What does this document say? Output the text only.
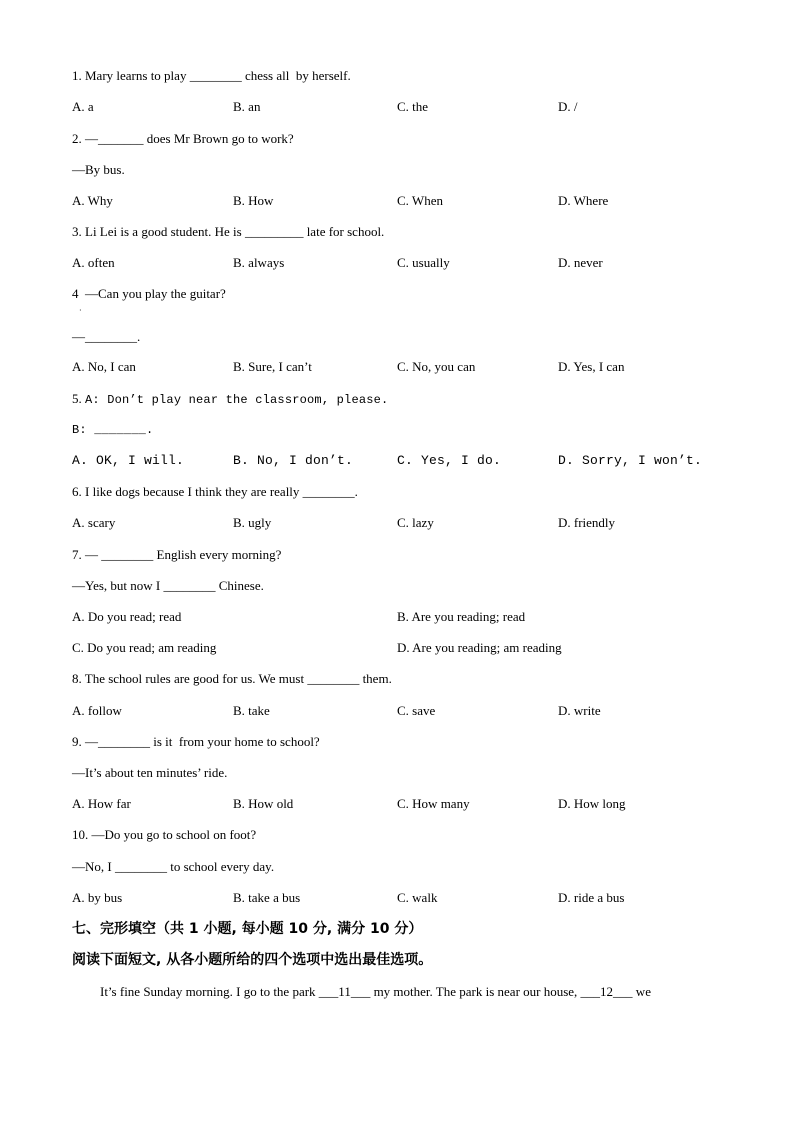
1. Mary learns to play ________ chess all  by herself.
A. a	B. an	C. the	D. /
2. —_______ does Mr Brown go to work?
—By bus.
A. Why	B. How	C. When	D. Where
3. Li Lei is a good student. He is _________ late for school.
A. often	B. always	C. usually	D. never
4 —Can you play the guitar?
·
—________.
A. No, I can	B. Sure, I can’t	C. No, you can	D. Yes, I can
5. A: Don’t play near the classroom, please.
B: _______.
A. OK, I will.	B. No, I don’t.	C. Yes, I do.	D. Sorry, I won’t.
6. I like dogs because I think they are really ________.
A. scary	B. ugly	C. lazy	D. friendly
7. — ________ English every morning?
—Yes, but now I ________ Chinese.
A. Do you read; read	B. Are you reading; read
C. Do you read; am reading	D. Are you reading; am reading
8. The school rules are good for us. We must ________ them.
A. follow	B. take	C. save	D. write
9. —________ is it  from your home to school?
—It’s about ten minutes’ ride.
A. How far	B. How old	C. How many	D. How long
10. —Do you go to school on foot?
—No, I ________ to school every day.
A. by bus	B. take a bus	C. walk	D. ride a bus
七、完形填空（共 1 小题, 每小题 10 分, 满分 10 分）
阅读下面短文, 从各小题所给的四个选项中选出最佳选项。
It’s fine Sunday morning. I go to the park ___11___ my mother. The park is near our house, ___12___ we
